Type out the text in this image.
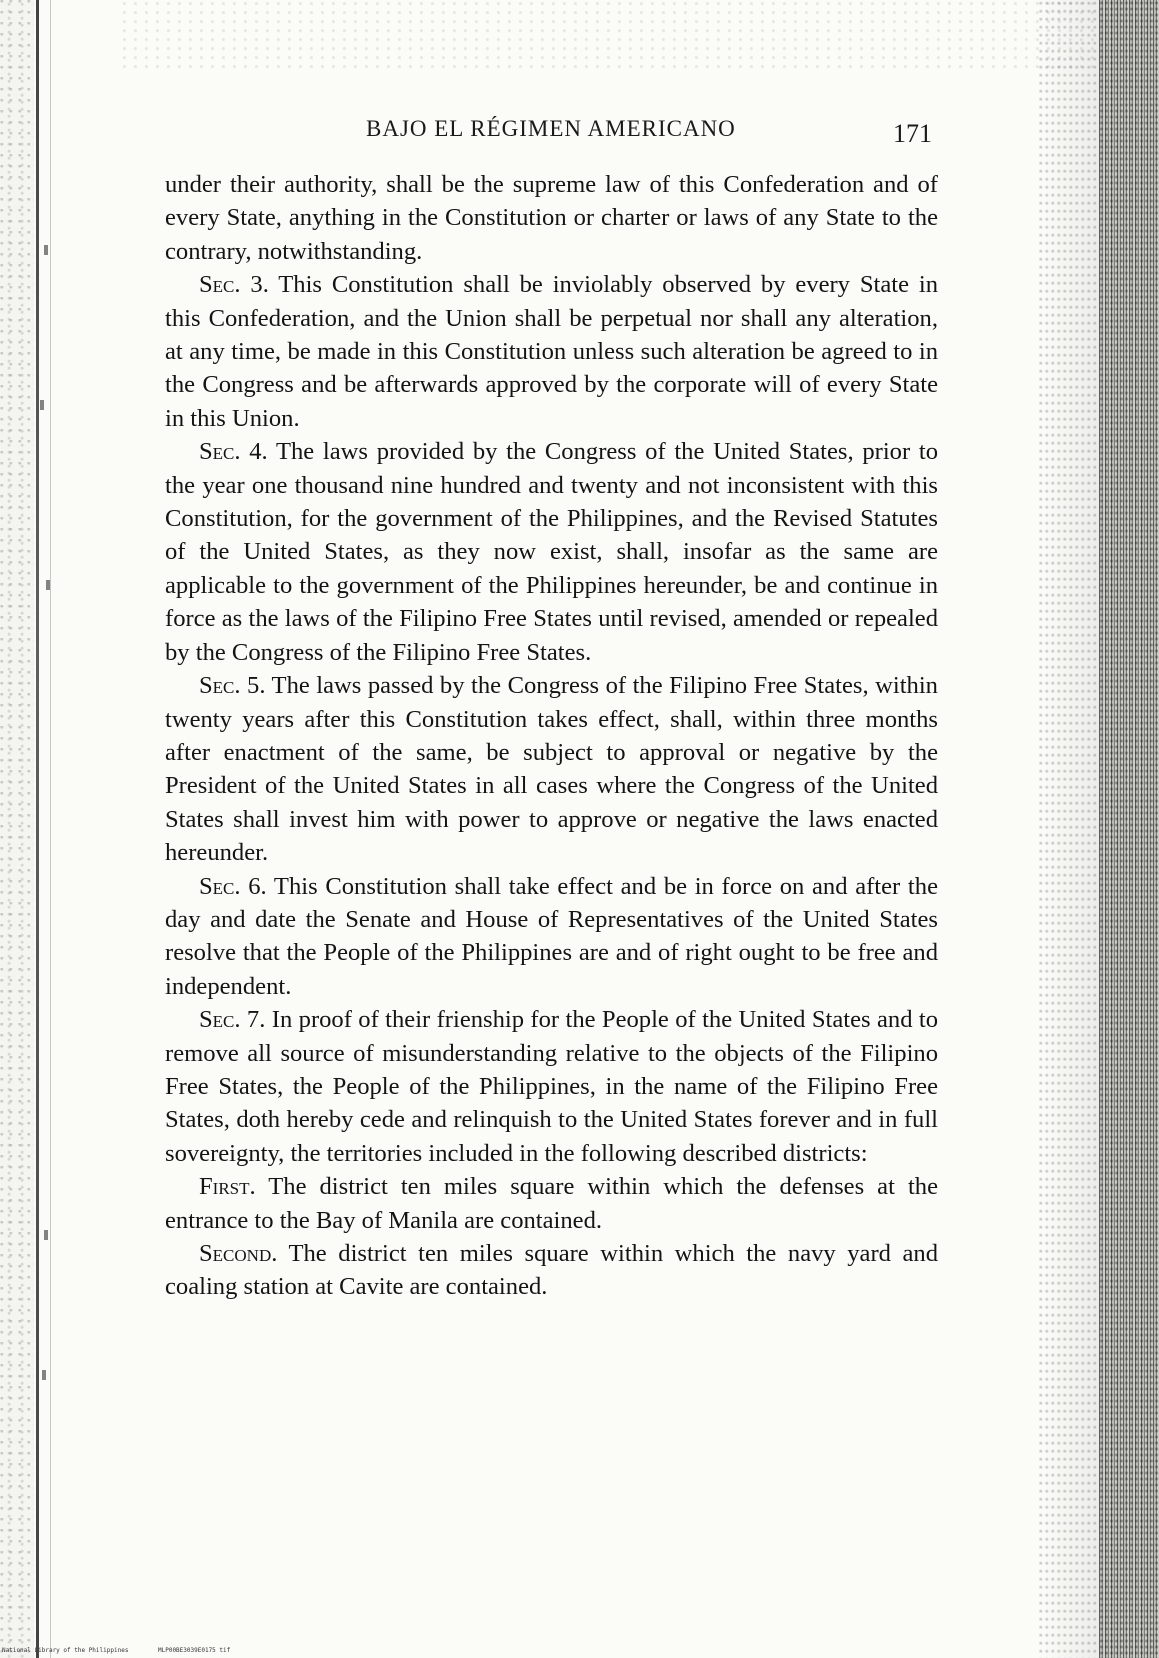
BAJO EL RÉGIMEN AMERICANO	171

under their authority, shall be the supreme law of this Confederation and of every State, anything in the Constitution or charter or laws of any State to the contrary, notwithstanding.

Sec. 3. This Constitution shall be inviolably observed by every State in this Confederation, and the Union shall be perpetual nor shall any alteration, at any time, be made in this Constitution unless such alteration be agreed to in the Congress and be afterwards approved by the corporate will of every State in this Union.

Sec. 4. The laws provided by the Congress of the United States, prior to the year one thousand nine hundred and twenty and not inconsistent with this Constitution, for the government of the Philippines, and the Revised Statutes of the United States, as they now exist, shall, insofar as the same are applicable to the government of the Philippines hereunder, be and continue in force as the laws of the Filipino Free States until revised, amended or repealed by the Congress of the Filipino Free States.

Sec. 5. The laws passed by the Congress of the Filipino Free States, within twenty years after this Constitution takes effect, shall, within three months after enactment of the same, be subject to approval or negative by the President of the United States in all cases where the Congress of the United States shall invest him with power to approve or negative the laws enacted hereunder.

Sec. 6. This Constitution shall take effect and be in force on and after the day and date the Senate and House of Representatives of the United States resolve that the People of the Philippines are and of right ought to be free and independent.

Sec. 7. In proof of their frienship for the People of the United States and to remove all source of misunderstanding relative to the objects of the Filipino Free States, the People of the Philippines, in the name of the Filipino Free States, doth hereby cede and relinquish to the United States forever and in full sovereignty, the territories included in the following described districts:

First. The district ten miles square within which the defenses at the entrance to the Bay of Manila are contained.

Second. The district ten miles square within which the navy yard and coaling station at Cavite are contained.

National Library of the Philippines	MLP00BE3039E0175 tif
